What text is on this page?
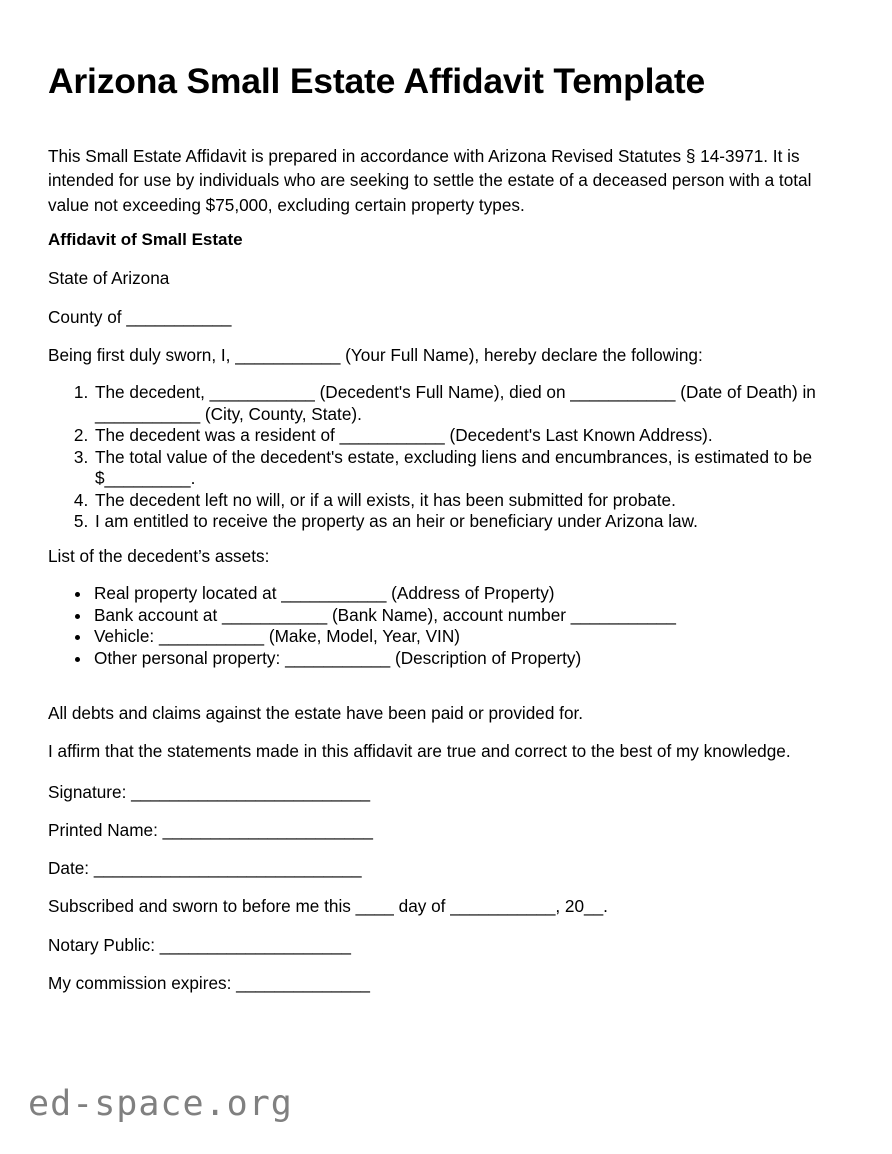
Arizona Small Estate Affidavit Template

This Small Estate Affidavit is prepared in accordance with Arizona Revised Statutes § 14-3971. It is intended for use by individuals who are seeking to settle the estate of a deceased person with a total value not exceeding $75,000, excluding certain property types.

Affidavit of Small Estate
State of Arizona
County of ___________
Being first duly sworn, I, ___________ (Your Full Name), hereby declare the following:
1. The decedent, ___________ (Decedent's Full Name), died on ___________ (Date of Death) in ___________ (City, County, State).
2. The decedent was a resident of ___________ (Decedent's Last Known Address).
3. The total value of the decedent's estate, excluding liens and encumbrances, is estimated to be $_________.
4. The decedent left no will, or if a will exists, it has been submitted for probate.
5. I am entitled to receive the property as an heir or beneficiary under Arizona law.
List of the decedent’s assets:
• Real property located at ___________ (Address of Property)
• Bank account at ___________ (Bank Name), account number ___________
• Vehicle: ___________ (Make, Model, Year, VIN)
• Other personal property: ___________ (Description of Property)

All debts and claims against the estate have been paid or provided for.

I affirm that the statements made in this affidavit are true and correct to the best of my knowledge.

Signature: _________________________
Printed Name: ______________________
Date: ____________________________
Subscribed and sworn to before me this ____ day of ___________, 20__.
Notary Public: ____________________
My commission expires: ______________
ed-space.org
